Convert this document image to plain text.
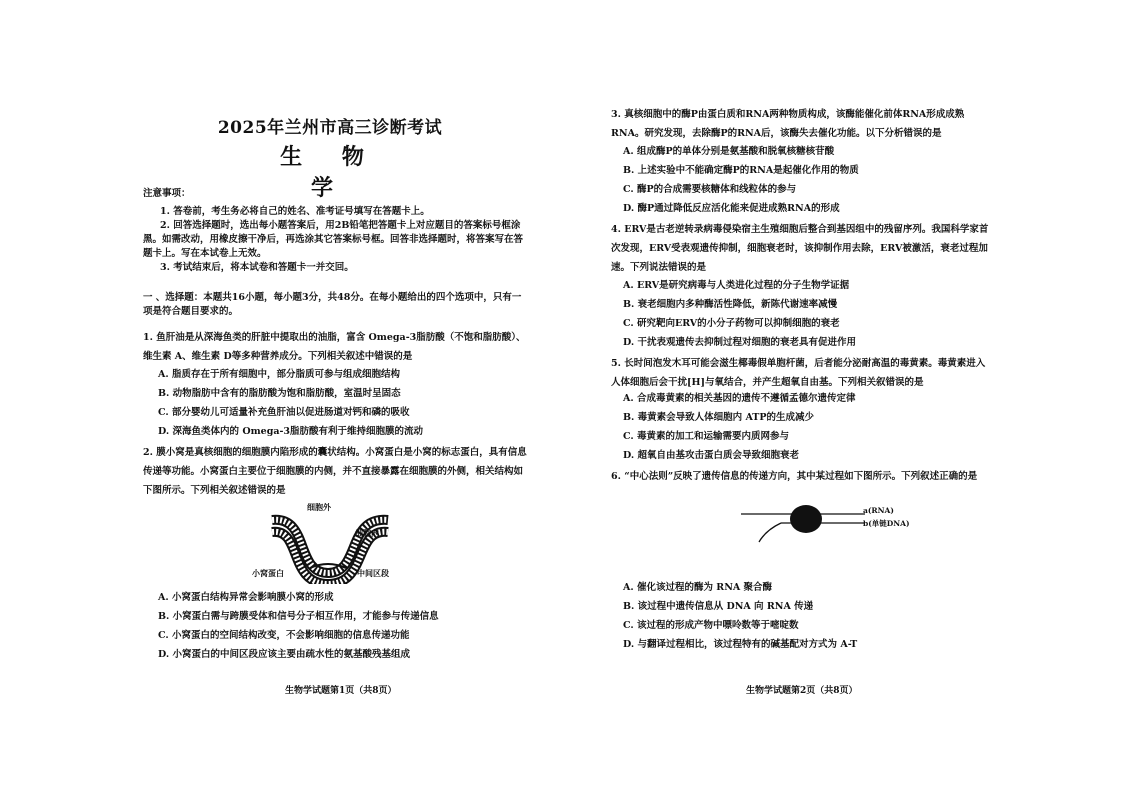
2025年兰州市高三诊断考试
生 物 学
注意事项：
1. 答卷前，考生务必将自己的姓名、准考证号填写在答题卡上。
2. 回答选择题时，选出每小题答案后，用2B铅笔把答题卡上对应题目的答案标号框涂
黑。如需改动，用橡皮擦干净后，再选涂其它答案标号框。回答非选择题时，将答案写在答
题卡上。写在本试卷上无效。
3. 考试结束后，将本试卷和答题卡一并交回。
一 、选择题：本题共16小题，每小题3分，共48分。在每小题给出的四个选项中，只有一项是符合题目要求的。
1. 鱼肝油是从深海鱼类的肝脏中提取出的油脂，富含 Omega-3脂肪酸（不饱和脂肪酸）、维生素 A、维生素 D等多种营养成分。下列相关叙述中错误的是
A. 脂质存在于所有细胞中，部分脂质可参与组成细胞结构
B. 动物脂肪中含有的脂肪酸为饱和脂肪酸，室温时呈固态
C. 部分婴幼儿可适量补充鱼肝油以促进肠道对钙和磷的吸收
D. 深海鱼类体内的 Omega-3脂肪酸有利于维持细胞膜的流动
2. 膜小窝是真核细胞的细胞膜内陷形成的囊状结构。小窝蛋白是小窝的标志蛋白，具有信息传递等功能。小窝蛋白主要位于细胞膜的内侧，并不直接暴露在细胞膜的外侧，相关结构如下图所示。下列相关叙述错误的是
细胞外
细胞内
小窝蛋白	中间区段
A. 小窝蛋白结构异常会影响膜小窝的形成
B. 小窝蛋白需与跨膜受体和信号分子相互作用，才能参与传递信息
C. 小窝蛋白的空间结构改变，不会影响细胞的信息传递功能
D. 小窝蛋白的中间区段应该主要由疏水性的氨基酸残基组成
生物学试题第1页（共8页）
3. 真核细胞中的酶P由蛋白质和RNA两种物质构成，该酶能催化前体RNA形成成熟RNA。研究发现，去除酶P的RNA后，该酶失去催化功能。以下分析错误的是
A. 组成酶P的单体分别是氨基酸和脱氧核糖核苷酸
B. 上述实验中不能确定酶P的RNA是起催化作用的物质
C. 酶P的合成需要核糖体和线粒体的参与
D. 酶P通过降低反应活化能来促进成熟RNA的形成
4. ERV是古老逆转录病毒侵染宿主生殖细胞后整合到基因组中的残留序列。我国科学家首次发现，ERV受表观遗传抑制，细胞衰老时，该抑制作用去除，ERV被激活，衰老过程加速。下列说法错误的是
A. ERV是研究病毒与人类进化过程的分子生物学证据
B. 衰老细胞内多种酶活性降低，新陈代谢速率减慢
C. 研究靶向ERV的小分子药物可以抑制细胞的衰老
D. 干扰表观遗传去抑制过程对细胞的衰老具有促进作用
5. 长时间泡发木耳可能会滋生椰毒假单胞杆菌，后者能分泌耐高温的毒黄素。毒黄素进入人体细胞后会干扰[H]与氧结合，并产生超氧自由基。下列相关叙错误的是
A. 合成毒黄素的相关基因的遗传不遵循孟德尔遗传定律
B. 毒黄素会导致人体细胞内 ATP的生成减少
C. 毒黄素的加工和运输需要内质网参与
D. 超氧自由基攻击蛋白质会导致细胞衰老
6. “中心法则”反映了遗传信息的传递方向，其中某过程如下图所示。下列叙述正确的是
a(RNA)
b(单链DNA)
A. 催化该过程的酶为 RNA 聚合酶
B. 该过程中遗传信息从 DNA 向 RNA 传递
C. 该过程的形成产物中嘌呤数等于嘧啶数
D. 与翻译过程相比，该过程特有的碱基配对方式为 A-T
生物学试题第2页（共8页）
